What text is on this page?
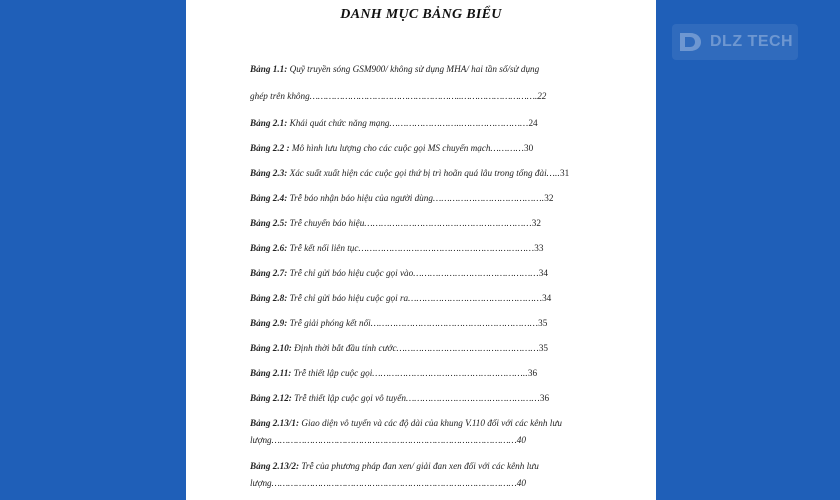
DANH MỤC BẢNG BIỂU
Bảng 1.1: Quỹ truyền sóng GSM900/ không sử dụng MHA/ hai tần số/sử dụng
ghép trên không………………………………………………..……………………….22
Bảng 2.1: Khái quát chức năng mạng……………………..……………………24
Bảng 2.2 : Mô hình lưu lượng cho các cuộc gọi MS chuyển mạch…………30
Bảng 2.3: Xác suất xuất hiện các cuộc gọi thứ bị trì hoãn quá lâu trong tổng đài…..31
Bảng 2.4: Trễ báo nhận báo hiệu của người dùng………………………………….32
Bảng 2.5: Trễ chuyển báo hiệu……………………………………………………32
Bảng 2.6: Trễ kết nối liên tục………………………………………………………33
Bảng 2.7: Trễ chỉ gửi báo hiệu cuộc gọi vào………………………………………34
Bảng 2.8: Trễ chỉ gửi báo hiệu cuộc gọi ra…………………………………………34
Bảng 2.9: Trễ giải phóng kết nối……………………………………………………35
Bảng 2.10: Định thời bắt đầu tính cước……………………………………………35
Bảng 2.11: Trễ thiết lập cuộc gọi………………………………………………..36
Bảng 2.12: Trễ thiết lập cuộc gọi vô tuyến…………………………………………36
Bảng 2.13/1: Giao diện vô tuyến và các độ dài của khung V.110 đối với các kênh lưu
lượng………………………………………………………………………………40
Bảng 2.13/2: Trễ của phương pháp đan xen/ giải đan xen đối với các kênh lưu
lượng………………………………………………………………………………40
DLZ TECH
